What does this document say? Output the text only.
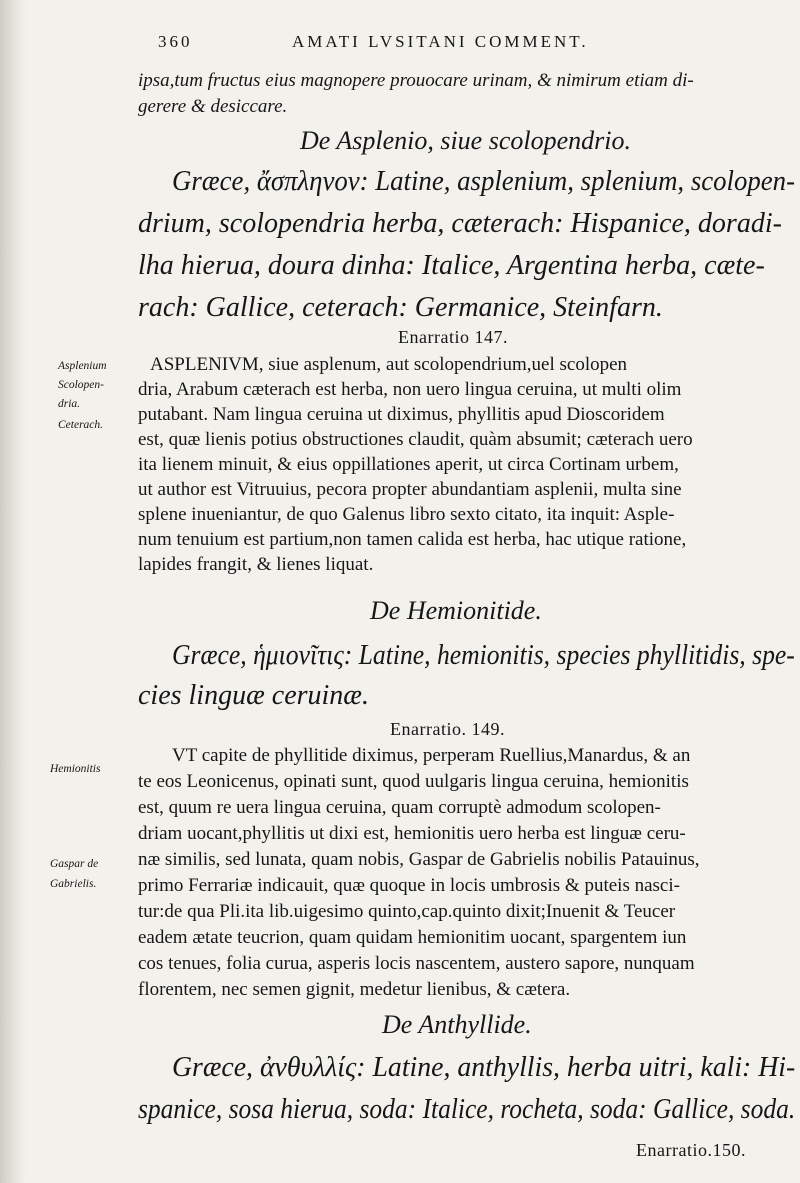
360	AMATI LVSITANI COMMENT.
ipsa,tum fructus eius magnopere prouocare urinam, & nimirum etiam di-
gerere & desiccare.
De Asplenio, siue scolopendrio.
Græce, ἄσπληνον: Latine, asplenium, splenium, scolopen-
drium, scolopendria herba, cæterach: Hispanice, doradi-
lha hierua, doura dinha: Italice, Argentina herba, cæte-
rach: Gallice, ceterach: Germanice, Steinfarn.
Enarratio 147.
ASPLENIVM, siue asplenum, aut scolopendrium,uel scolopen
dria, Arabum cæterach est herba, non uero lingua ceruina, ut multi olim
putabant. Nam lingua ceruina ut diximus, phyllitis apud Dioscoridem
est, quæ lienis potius obstructiones claudit, quàm absumit; cæterach uero
ita lienem minuit, & eius oppillationes aperit, ut circa Cortinam urbem,
ut author est Vitruuius, pecora propter abundantiam asplenii, multa sine
splene inueniantur, de quo Galenus libro sexto citato, ita inquit: Asple-
num tenuium est partium,non tamen calida est herba, hac utique ratione,
lapides frangit, & lienes liquat.
De Hemionitide.
Græce, ἡμιονῖτις: Latine, hemionitis, species phyllitidis, spe-
cies linguæ ceruinæ.
Enarratio. 149.
VT capite de phyllitide diximus, perperam Ruellius,Manardus, & an
te eos Leonicenus, opinati sunt, quod uulgaris lingua ceruina, hemionitis
est, quum re uera lingua ceruina, quam corruptè admodum scolopen-
driam uocant,phyllitis ut dixi est, hemionitis uero herba est linguæ ceru-
næ similis, sed lunata, quam nobis, Gaspar de Gabrielis nobilis Patauinus,
primo Ferrariæ indicauit, quæ quoque in locis umbrosis & puteis nasci-
tur:de qua Pli.ita lib.uigesimo quinto,cap.quinto dixit;Inuenit & Teucer
eadem ætate teucrion, quam quidam hemionitim uocant, spargentem iun
cos tenues, folia curua, asperis locis nascentem, austero sapore, nunquam
florentem, nec semen gignit, medetur lienibus, & cætera.
De Anthyllide.
Græce, ἀνθυλλίς: Latine, anthyllis, herba uitri, kali: Hi-
spanice, sosa hierua, soda: Italice, rocheta, soda: Gallice, soda.
Enarratio.150.
Asplenium
Scolopen-
dria.
Ceterach.
Hemionitis
Gaspar de
Gabrielis.
